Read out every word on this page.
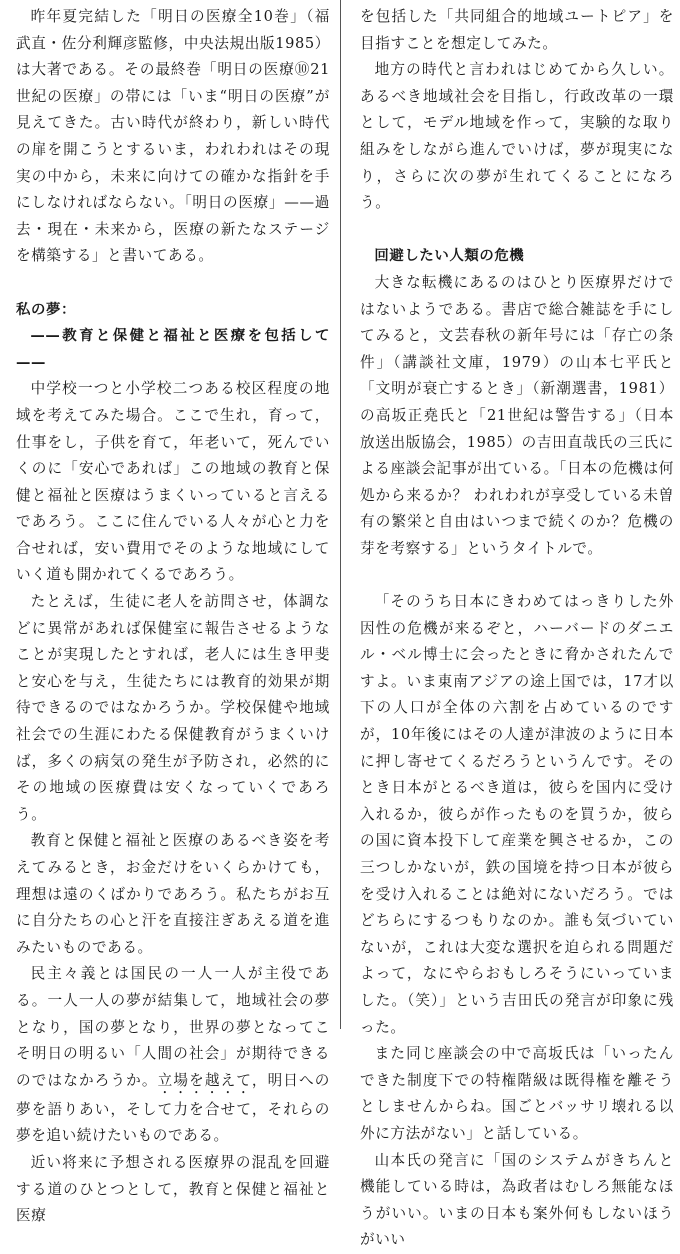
昨年夏完結した「明日の医療全10巻」（福武直・佐分利輝彦監修，中央法規出版1985）は大著である。その最終巻「明日の医療⑩21世紀の医療」の帯には「いま“明日の医療”が見えてきた。古い時代が終わり，新しい時代の扉を開こうとするいま，われわれはその現実の中から，未来に向けての確かな指針を手にしなければならない。「明日の医療」——過去・現在・未来から，医療の新たなステージを構築する」と書いてある。

私の夢：

——教育と保健と福祉と医療を包括して——

中学校一つと小学校二つある校区程度の地域を考えてみた場合。ここで生れ，育って，仕事をし，子供を育て，年老いて，死んでいくのに「安心であれば」この地域の教育と保健と福祉と医療はうまくいっていると言えるであろう。ここに住んでいる人々が心と力を合せれば，安い費用でそのような地域にしていく道も開かれてくるであろう。

たとえば，生徒に老人を訪問させ，体調などに異常があれば保健室に報告させるようなことが実現したとすれば，老人には生き甲斐と安心を与え，生徒たちには教育的効果が期待できるのではなかろうか。学校保健や地域社会での生涯にわたる保健教育がうまくいけば，多くの病気の発生が予防され，必然的にその地域の医療費は安くなっていくであろう。

教育と保健と福祉と医療のあるべき姿を考えてみるとき，お金だけをいくらかけても，理想は遠のくばかりであろう。私たちがお互に自分たちの心と汗を直接注ぎあえる道を進みたいものである。

民主々義とは国民の一人一人が主役である。一人一人の夢が結集して，地域社会の夢となり，国の夢となり，世界の夢となってこそ明日の明るい「人間の社会」が期待できるのではなかろうか。立場を越えて，明日への夢を語りあい，そして力を合せて，それらの夢を追い続けたいものである。

近い将来に予想される医療界の混乱を回避する道のひとつとして，教育と保健と福祉と医療

を包括した「共同組合的地域ユートピア」を目指すことを想定してみた。

地方の時代と言われはじめてから久しい。あるべき地域社会を目指し，行政改革の一環として，モデル地域を作って，実験的な取り組みをしながら進んでいけば，夢が現実になり，さらに次の夢が生れてくることになろう。

回避したい人類の危機

大きな転機にあるのはひとり医療界だけではないようである。書店で総合雑誌を手にしてみると，文芸春秋の新年号には「存亡の条件」（講談社文庫，1979）の山本七平氏と「文明が衰亡するとき」（新潮選書，1981）の高坂正堯氏と「21世紀は警告する」（日本放送出版協会，1985）の吉田直哉氏の三氏による座談会記事が出ている。「日本の危機は何処から来るか？ われわれが享受している未曽有の繁栄と自由はいつまで続くのか？危機の芽を考察する」というタイトルで。

「そのうち日本にきわめてはっきりした外因性の危機が来るぞと，ハーバードのダニエル・ベル博士に会ったときに脅かされたんですよ。いま東南アジアの途上国では，17才以下の人口が全体の六割を占めているのですが，10年後にはその人達が津波のように日本に押し寄せてくるだろうというんです。そのとき日本がとるべき道は，彼らを国内に受け入れるか，彼らが作ったものを買うか，彼らの国に資本投下して産業を興させるか，この三つしかないが，鉄の国境を持つ日本が彼らを受け入れることは絶対にないだろう。ではどちらにするつもりなのか。誰も気づいていないが，これは大変な選択を迫られる問題だよって，なにやらおもしろそうにいっていました。（笑）」という吉田氏の発言が印象に残った。

また同じ座談会の中で高坂氏は「いったんできた制度下での特権階級は既得権を離そうとしませんからね。国ごとバッサリ壊れる以外に方法がない」と話している。

山本氏の発言に「国のシステムがきちんと機能している時は，為政者はむしろ無能なほうがいい。いまの日本も案外何もしないほうがいい
